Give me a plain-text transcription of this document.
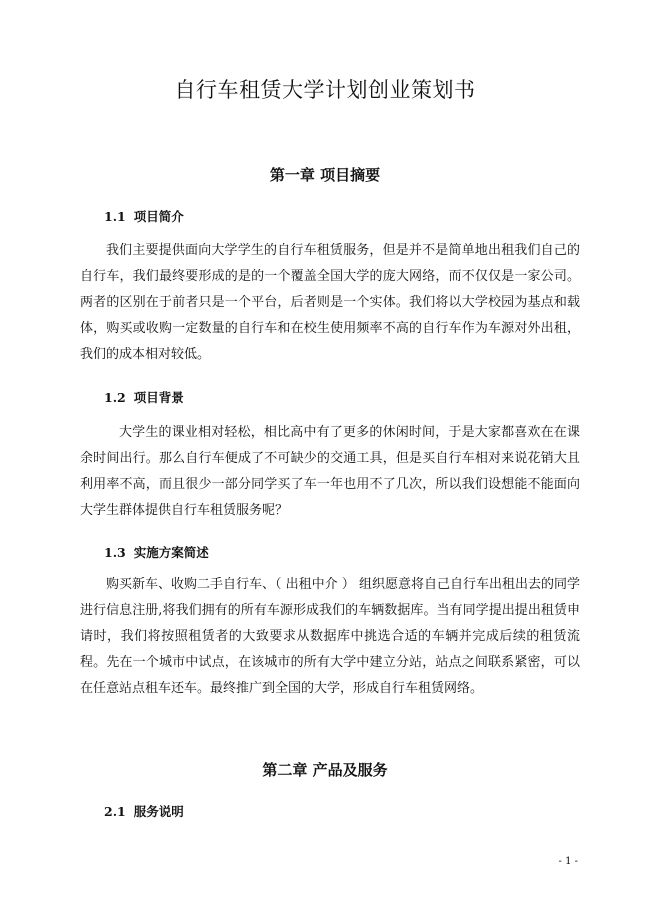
自行车租赁大学计划创业策划书
第一章 项目摘要
1.1 项目简介

我们主要提供面向大学学生的自行车租赁服务，但是并不是简单地出租我们自己的自行车，我们最终要形成的是的一个覆盖全国大学的庞大网络，而不仅仅是一家公司。两者的区别在于前者只是一个平台，后者则是一个实体。我们将以大学校园为基点和载体，购买或收购一定数量的自行车和在校生使用频率不高的自行车作为车源对外出租，我们的成本相对较低。

1.2 项目背景

大学生的课业相对轻松，相比高中有了更多的休闲时间，于是大家都喜欢在在课余时间出行。那么自行车便成了不可缺少的交通工具，但是买自行车相对来说花销大且利用率不高，而且很少一部分同学买了车一年也用不了几次，所以我们设想能不能面向大学生群体提供自行车租赁服务呢？

1.3 实施方案简述

购买新车、收购二手自行车、（ 出租中介 ） 组织愿意将自己自行车出租出去的同学进行信息注册,将我们拥有的所有车源形成我们的车辆数据库。当有同学提出提出租赁申请时，我们将按照租赁者的大致要求从数据库中挑选合适的车辆并完成后续的租赁流程。先在一个城市中试点，在该城市的所有大学中建立分站，站点之间联系紧密，可以在任意站点租车还车。最终推广到全国的大学，形成自行车租赁网络。

第二章 产品及服务
2.1 服务说明
- 1 -
